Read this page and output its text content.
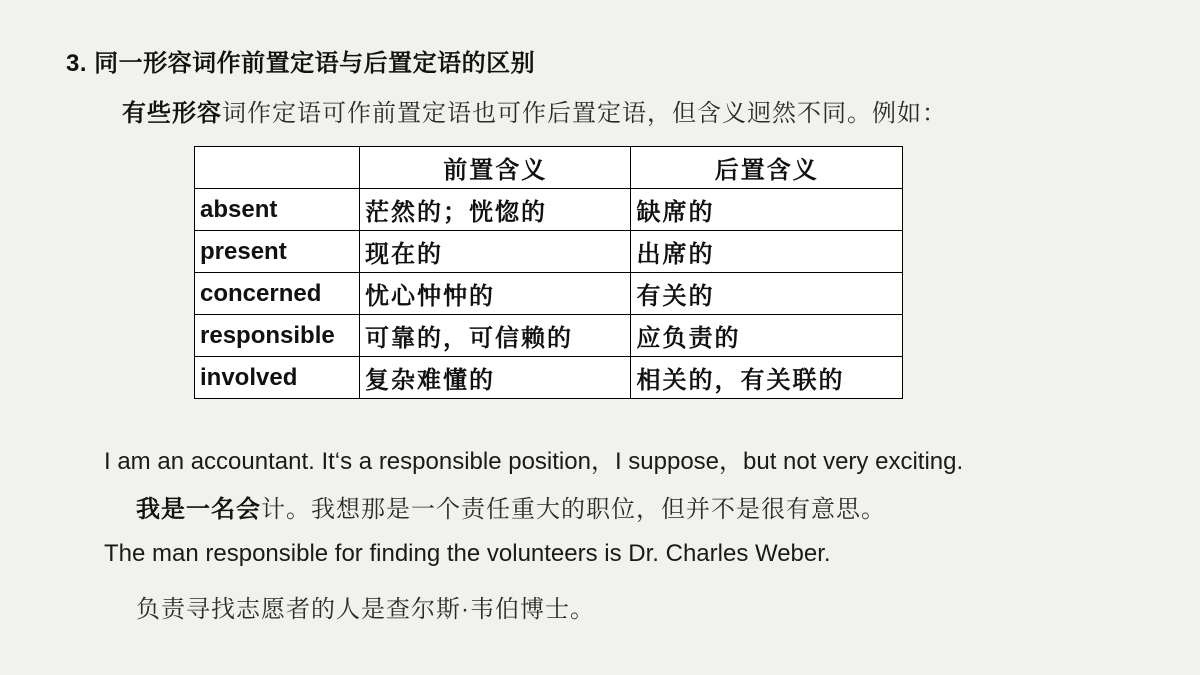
3. 同一形容词作前置定语与后置定语的区别
有些形容词作定语可作前置定语也可作后置定语，但含义迥然不同。例如：
	前置含义	后置含义
absent	茫然的；恍惚的	缺席的
present	现在的	出席的
concerned	忧心忡忡的	有关的
responsible	可靠的，可信赖的	应负责的
involved	复杂难懂的	相关的，有关联的
I am an accountant. It‘s a responsible position，I suppose，but not very exciting.
我是一名会计。我想那是一个责任重大的职位，但并不是很有意思。
The man responsible for finding the volunteers is Dr. Charles Weber.
负责寻找志愿者的人是查尔斯·韦伯博士。
